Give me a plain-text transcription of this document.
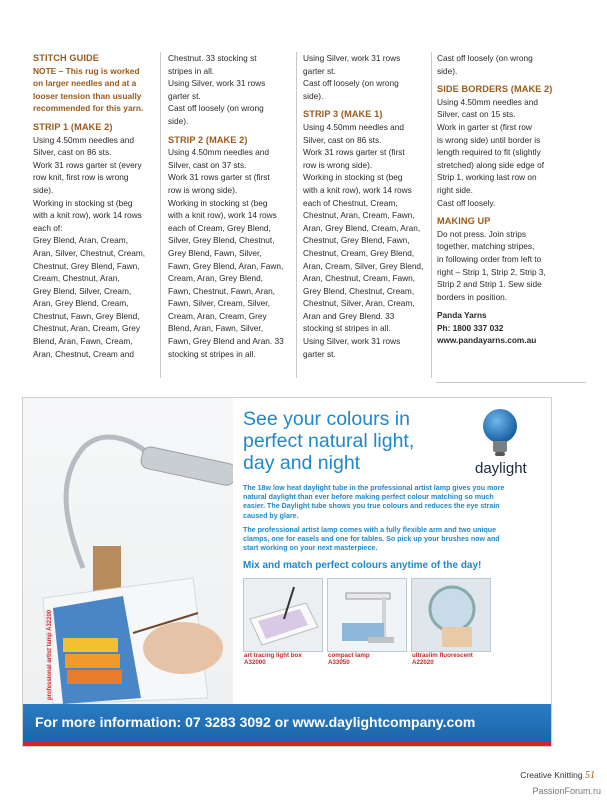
STITCH GUIDE

NOTE – This rug is worked

on larger needles and at a

looser tension than usually

recommended for this yarn.

STRIP 1 (MAKE 2)

Using 4.50mm needles and

Silver, cast on 86 sts.

Work 31 rows garter st (every

row knit, first row is wrong

side).

Working in stocking st (beg

with a knit row), work 14 rows

each of:

Grey Blend, Aran, Cream,

Aran, Silver, Chestnut, Cream,

Chestnut, Grey Blend, Fawn,

Cream, Chestnut, Aran,

Grey Blend, Silver, Cream,

Aran, Grey Blend, Cream,

Chestnut, Fawn, Grey Blend,

Chestnut, Aran, Cream, Grey

Blend, Aran, Fawn, Cream,

Aran, Chestnut, Cream and

Chestnut. 33 stocking st

stripes in all.

Using Silver, work 31 rows

garter st.

Cast off loosely (on wrong

side).

STRIP 2 (MAKE 2)

Using 4.50mm needles and

Silver, cast on 37 sts.

Work 31 rows garter st (first

row is wrong side).

Working in stocking st (beg

with a knit row), work 14 rows

each of Cream, Grey Blend,

Silver, Grey Blend, Chestnut,

Grey Blend, Fawn, Silver,

Fawn, Grey Blend, Aran, Fawn,

Cream, Aran, Grey Blend,

Fawn, Chestnut, Fawn, Aran,

Fawn, Silver, Cream, Silver,

Cream, Aran, Cream, Grey

Blend, Aran, Fawn, Silver,

Fawn, Grey Blend and Aran. 33

stocking st stripes in all.

Using Silver, work 31 rows

garter st.

Cast off loosely (on wrong

side).

STRIP 3 (MAKE 1)

Using 4.50mm needles and

Silver, cast on 86 sts.

Work 31 rows garter st (first

row is wrong side).

Working in stocking st (beg

with a knit row), work 14 rows

each of Chestnut, Cream,

Chestnut, Aran, Cream, Fawn,

Aran, Grey Blend, Cream, Aran,

Chestnut, Grey Blend, Fawn,

Chestnut, Cream, Grey Blend,

Aran, Cream, Silver, Grey Blend,

Aran, Chestnut, Cream, Fawn,

Grey Blend, Chestnut, Cream,

Chestnut, Silver, Aran, Cream,

Aran and Grey Blend. 33

stocking st stripes in all.

Using Silver, work 31 rows

garter st.

Cast off loosely (on wrong

side).

SIDE BORDERS (MAKE 2)

Using 4.50mm needles and

Silver, cast on 15 sts.

Work in garter st (first row

is wrong side) until border is

length required to fit (slightly

stretched) along side edge of

Strip 1, working last row on

right side.

Cast off loosely.

MAKING UP

Do not press. Join strips

together, matching stripes,

in following order from left to

right – Strip 1, Strip 2, Strip 3,

Strip 2 and Strip 1. Sew side

borders in position.

Panda Yarns

Ph: 1800 337 032

www.pandayarns.com.au

professional artist lamp A32200
See your colours in
perfect natural light,
day and night	daylight
The 18w low heat daylight tube in the professional artist lamp gives you more
natural daylight than ever before making perfect colour matching so much
easier. The Daylight tube shows you true colours and reduces the eye strain
caused by glare.
The professional artist lamp comes with a fully flexible arm and two unique
clamps, one for easels and one for tables. So pick up your brushes now and
start working on your next masterpiece.
Mix and match perfect colours anytime of the day!
art tracing light box
A32000
compact lamp
A33050
ultraslim fluorescent
A22020
For more information: 07 3283 3092 or www.daylightcompany.com
Creative Knitting 51
PassionForum.ru
